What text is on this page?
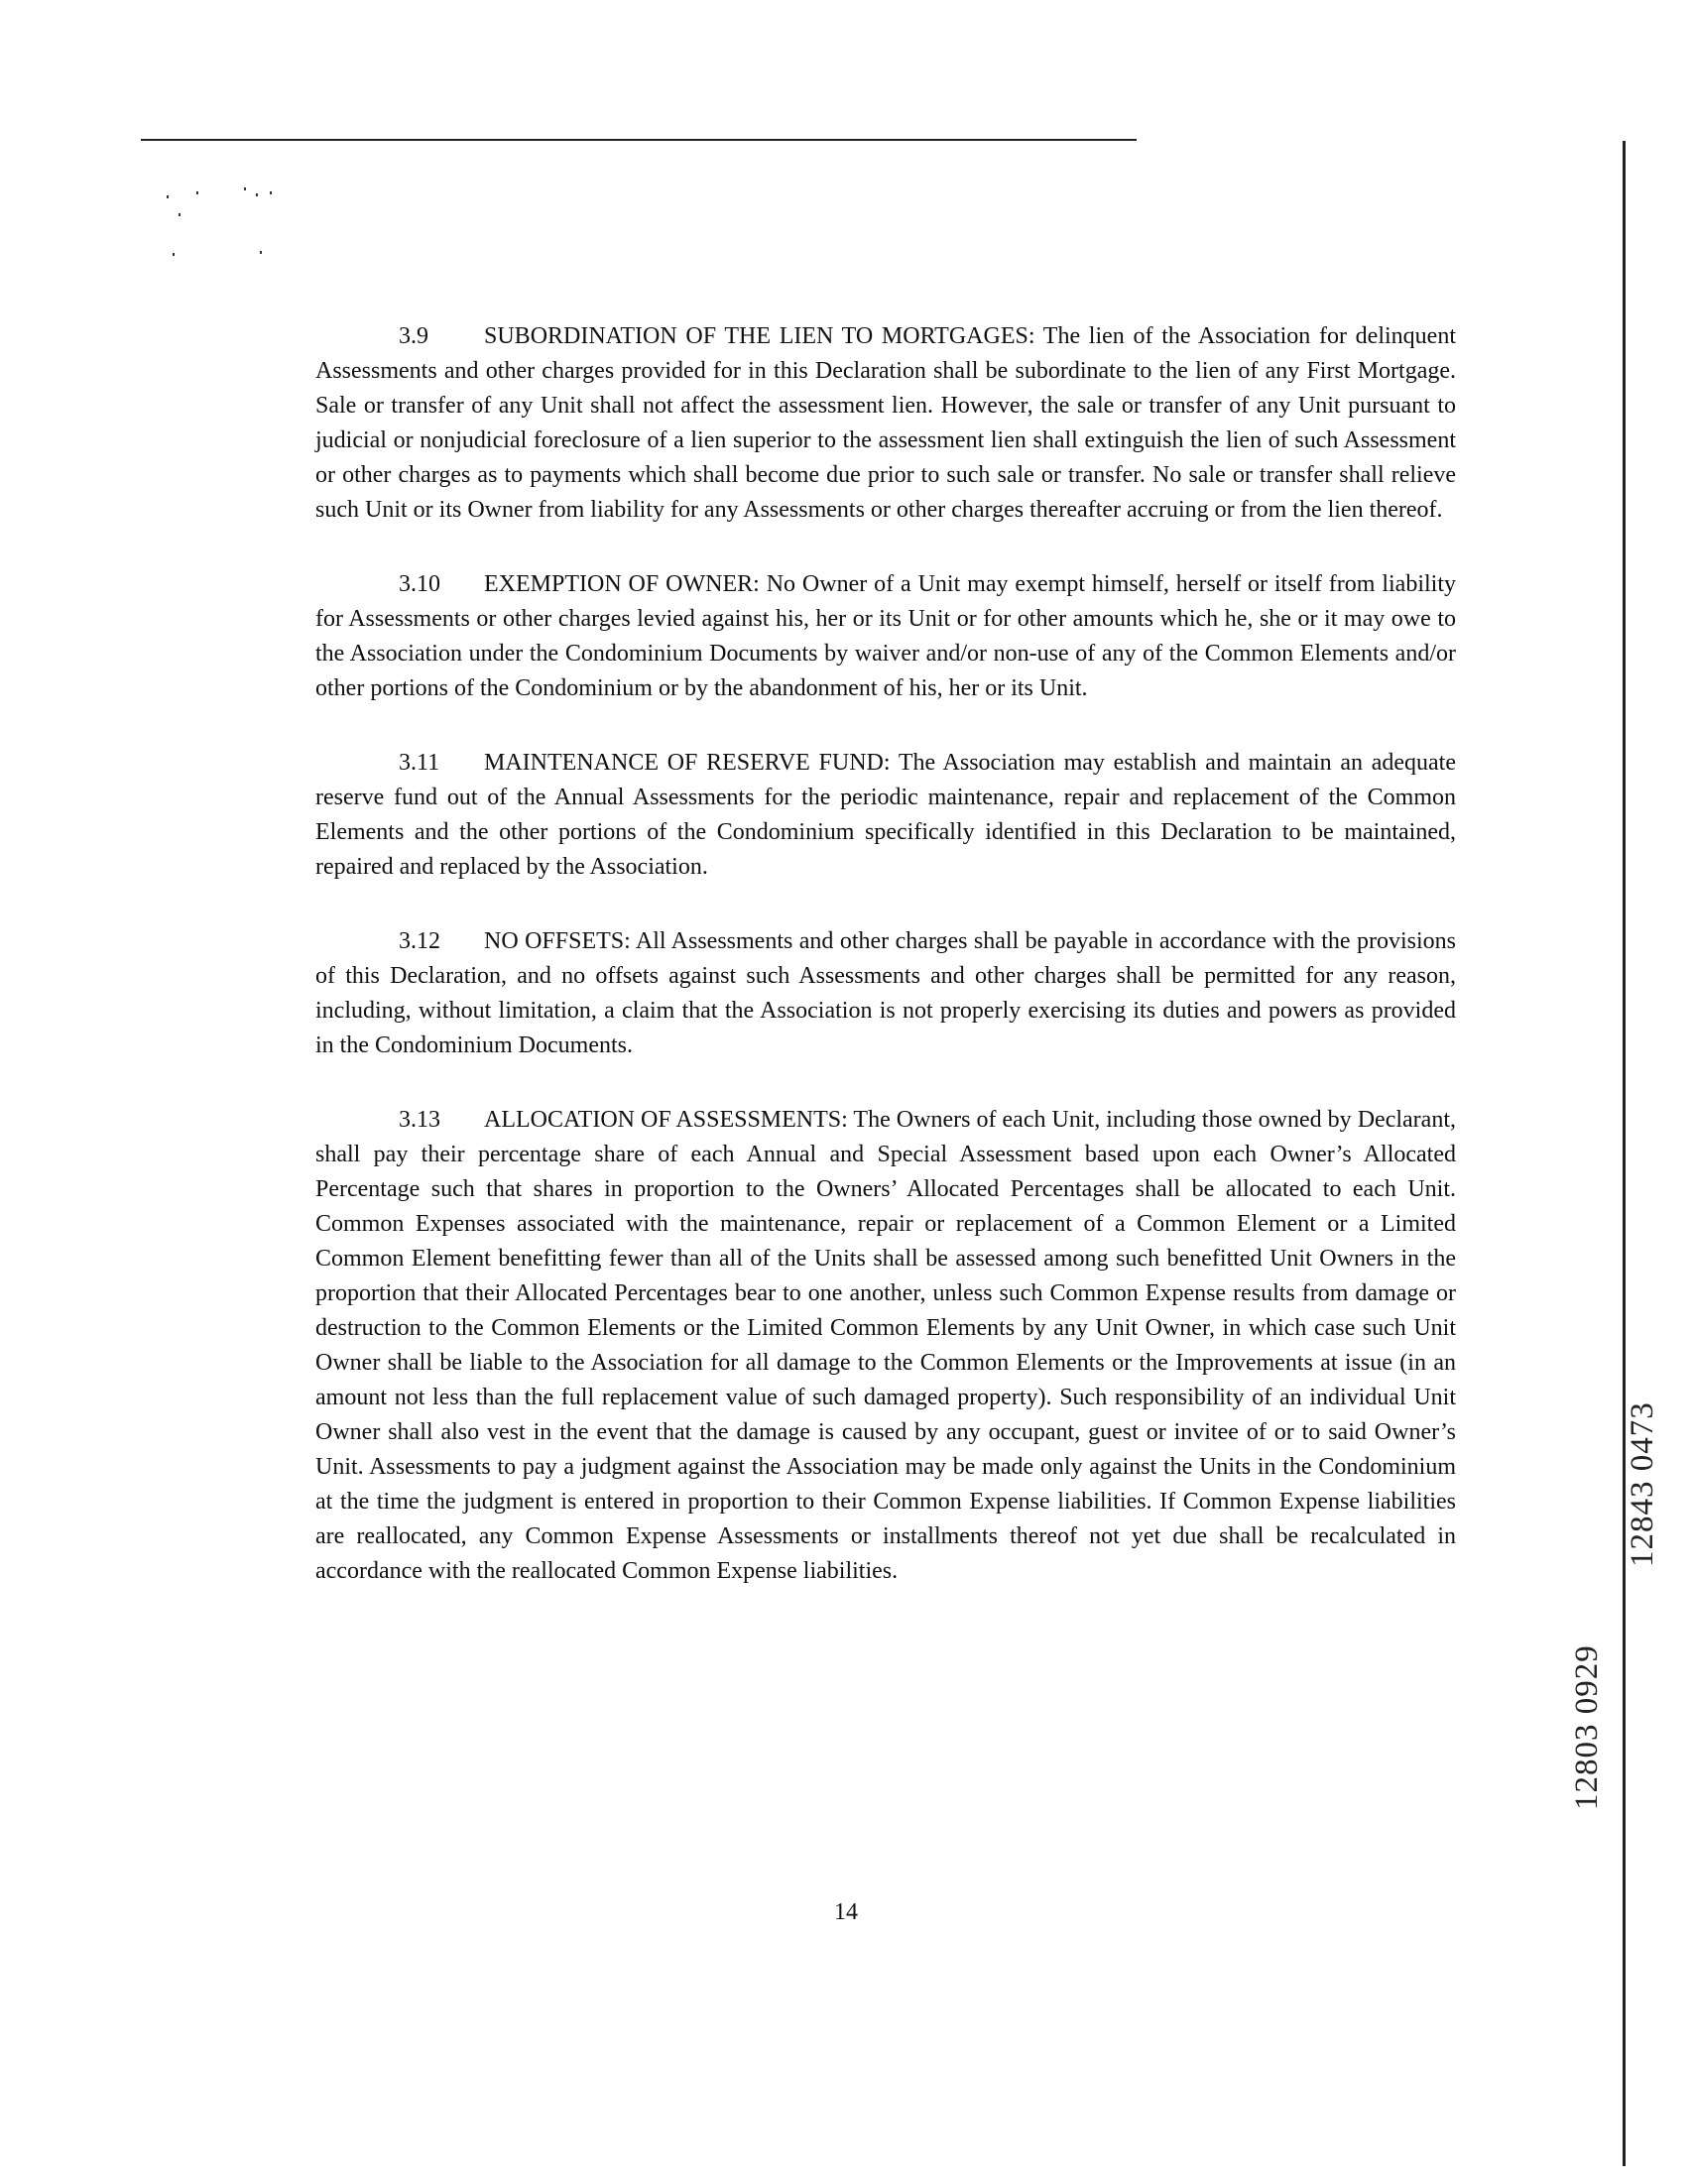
3.9 SUBORDINATION OF THE LIEN TO MORTGAGES: The lien of the Association for delinquent Assessments and other charges provided for in this Declaration shall be subordinate to the lien of any First Mortgage. Sale or transfer of any Unit shall not affect the assessment lien. However, the sale or transfer of any Unit pursuant to judicial or nonjudicial foreclosure of a lien superior to the assessment lien shall extinguish the lien of such Assessment or other charges as to payments which shall become due prior to such sale or transfer. No sale or transfer shall relieve such Unit or its Owner from liability for any Assessments or other charges thereafter accruing or from the lien thereof.

3.10 EXEMPTION OF OWNER: No Owner of a Unit may exempt himself, herself or itself from liability for Assessments or other charges levied against his, her or its Unit or for other amounts which he, she or it may owe to the Association under the Condominium Documents by waiver and/or non-use of any of the Common Elements and/or other portions of the Condominium or by the abandonment of his, her or its Unit.

3.11 MAINTENANCE OF RESERVE FUND: The Association may establish and maintain an adequate reserve fund out of the Annual Assessments for the periodic maintenance, repair and replacement of the Common Elements and the other portions of the Condominium specifically identified in this Declaration to be maintained, repaired and replaced by the Association.

3.12 NO OFFSETS: All Assessments and other charges shall be payable in accordance with the provisions of this Declaration, and no offsets against such Assessments and other charges shall be permitted for any reason, including, without limitation, a claim that the Association is not properly exercising its duties and powers as provided in the Condominium Documents.

3.13 ALLOCATION OF ASSESSMENTS: The Owners of each Unit, including those owned by Declarant, shall pay their percentage share of each Annual and Special Assessment based upon each Owner’s Allocated Percentage such that shares in proportion to the Owners’ Allocated Percentages shall be allocated to each Unit. Common Expenses associated with the maintenance, repair or replacement of a Common Element or a Limited Common Element benefitting fewer than all of the Units shall be assessed among such benefitted Unit Owners in the proportion that their Allocated Percentages bear to one another, unless such Common Expense results from damage or destruction to the Common Elements or the Limited Common Elements by any Unit Owner, in which case such Unit Owner shall be liable to the Association for all damage to the Common Elements or the Improvements at issue (in an amount not less than the full replacement value of such damaged property). Such responsibility of an individual Unit Owner shall also vest in the event that the damage is caused by any occupant, guest or invitee of or to said Owner’s Unit. Assessments to pay a judgment against the Association may be made only against the Units in the Condominium at the time the judgment is entered in proportion to their Common Expense liabilities. If Common Expense liabilities are reallocated, any Common Expense Assessments or installments thereof not yet due shall be recalculated in accordance with the reallocated Common Expense liabilities.

14
12843 0473
12803 0929
